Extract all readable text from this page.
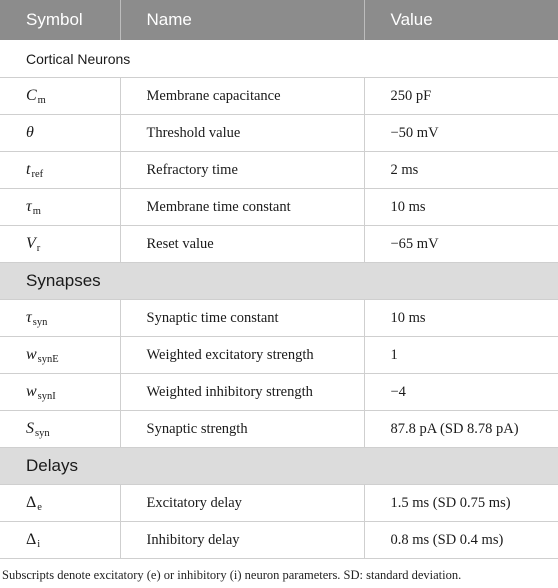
Symbol	Name	Value
Cortical Neurons		
$C_m$	Membrane capacitance	250 pF
θ	Threshold value	−50 mV
$t_{ref}$	Refractory time	2 ms
$\tau_m$	Membrane time constant	10 ms
$V_r$	Reset value	−65 mV
Synapses		
$\tau_{syn}$	Synaptic time constant	10 ms
$w_{synE}$	Weighted excitatory strength	1
$w_{synI}$	Weighted inhibitory strength	−4
$S_{syn}$	Synaptic strength	87.8 pA (SD 8.78 pA)
Delays		
$\Delta_e$	Excitatory delay	1.5 ms (SD 0.75 ms)
$\Delta_i$	Inhibitory delay	0.8 ms (SD 0.4 ms)
Subscripts denote excitatory (e) or inhibitory (i) neuron parameters. SD: standard deviation.
